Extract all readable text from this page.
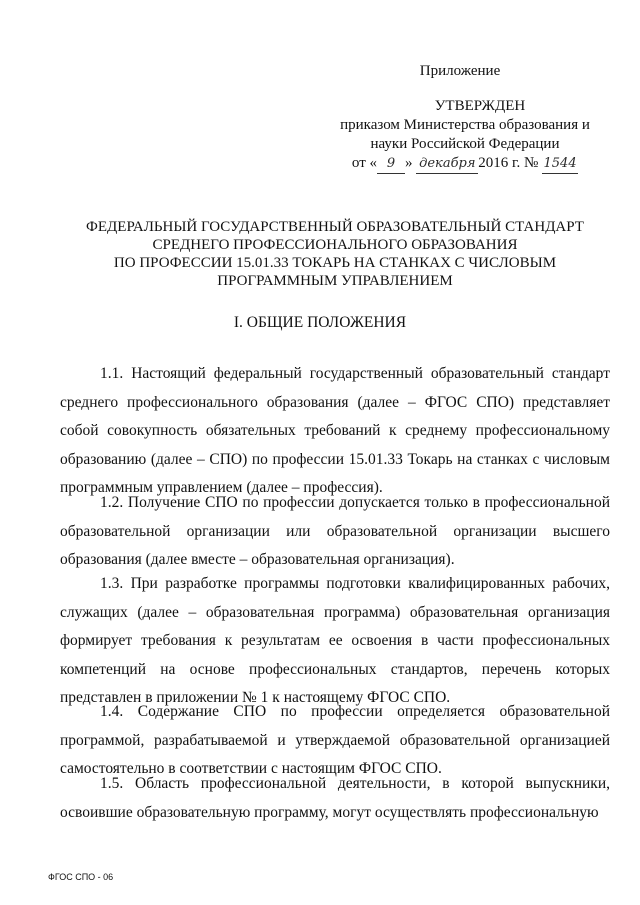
Приложение
УТВЕРЖДЕН
приказом Министерства образования и
науки Российской Федерации
от « 9 » декабря 2016 г. № 1544
ФЕДЕРАЛЬНЫЙ ГОСУДАРСТВЕННЫЙ ОБРАЗОВАТЕЛЬНЫЙ СТАНДАРТ
СРЕДНЕГО ПРОФЕССИОНАЛЬНОГО ОБРАЗОВАНИЯ
ПО ПРОФЕССИИ 15.01.33 ТОКАРЬ НА СТАНКАХ С ЧИСЛОВЫМ
ПРОГРАММНЫМ УПРАВЛЕНИЕМ
I. ОБЩИЕ ПОЛОЖЕНИЯ

1.1. Настоящий федеральный государственный образовательный стандарт среднего профессионального образования (далее – ФГОС СПО) представляет собой совокупность обязательных требований к среднему профессиональному образованию (далее – СПО) по профессии 15.01.33 Токарь на станках с числовым программным управлением (далее – профессия).

1.2. Получение СПО по профессии допускается только в профессиональной образовательной организации или образовательной организации высшего образования (далее вместе – образовательная организация).

1.3. При разработке программы подготовки квалифицированных рабочих, служащих (далее – образовательная программа) образовательная организация формирует требования к результатам ее освоения в части профессиональных компетенций на основе профессиональных стандартов, перечень которых представлен в приложении № 1 к настоящему ФГОС СПО.

1.4. Содержание СПО по профессии определяется образовательной программой, разрабатываемой и утверждаемой образовательной организацией самостоятельно в соответствии с настоящим ФГОС СПО.

1.5. Область профессиональной деятельности, в которой выпускники, освоившие образовательную программу, могут осуществлять профессиональную

ФГОС СПО - 06
